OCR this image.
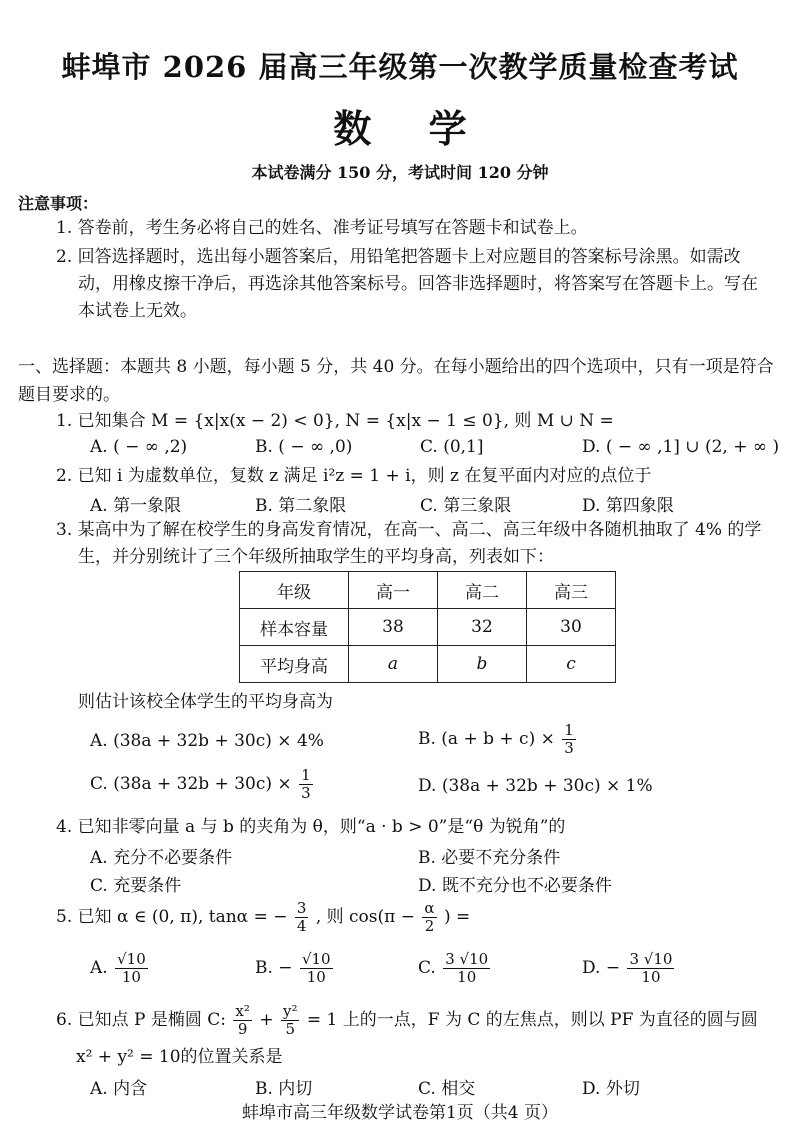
蚌埠市 2026 届高三年级第一次教学质量检查考试
数 学
本试卷满分 150 分，考试时间 120 分钟
注意事项：
1. 答卷前，考生务必将自己的姓名、准考证号填写在答题卡和试卷上。
2. 回答选择题时，选出每小题答案后，用铅笔把答题卡上对应题目的答案标号涂黑。如需改
动，用橡皮擦干净后，再选涂其他答案标号。回答非选择题时，将答案写在答题卡上。写在
本试卷上无效。
一、选择题：本题共 8 小题，每小题 5 分，共 40 分。在每小题给出的四个选项中，只有一项是符合题目要求的。
1. 已知集合 M = {x|x(x − 2) < 0}, N = {x|x − 1 ≤ 0}, 则 M ∪ N =
A. ( − ∞ ,2)	B. ( − ∞ ,0)	C. (0,1]	D. ( − ∞ ,1] ∪ (2, + ∞ )
2. 已知 i 为虚数单位，复数 z 满足 i²z = 1 + i，则 z 在复平面内对应的点位于
A. 第一象限	B. 第二象限	C. 第三象限	D. 第四象限
3. 某高中为了解在校学生的身高发育情况，在高一、高二、高三年级中各随机抽取了 4% 的学
生，并分别统计了三个年级所抽取学生的平均身高，列表如下：
年级	高一	高二	高三
样本容量	38	32	30
平均身高	a	b	c
则估计该校全体学生的平均身高为
A. (38a + 32b + 30c) × 4%	B. $(a + b + c) \times \frac{1}{3}$
C. $(38a + 32b + 30c) \times \frac{1}{3}$	D. (38a + 32b + 30c) × 1%
4. 已知非零向量 a 与 b 的夹角为 θ，则“a · b > 0”是“θ 为锐角”的
A. 充分不必要条件	B. 必要不充分条件
C. 充要条件	D. 既不充分也不必要条件
5. 已知 α ∈ (0, π), tanα = − $\frac{3}{4}$ , 则 $\cos(\pi - \frac{\alpha}{2}$ ) =
A. $\frac{√10}{10}$	B. − $\frac{√10}{10}$	C. $\frac{3 √10}{10}$	D. − $\frac{3 √10}{10}$
6. 已知点 P 是椭圆 C: $\frac{\text{x²}}{9} + \frac{\text{y²}}{5} = 1$ 上的一点，F 为 C 的左焦点，则以 PF 为直径的圆与圆
x² + y² = 10的位置关系是
A. 内含	B. 内切	C. 相交	D. 外切
蚌埠市高三年级数学试卷第1页（共4 页）
